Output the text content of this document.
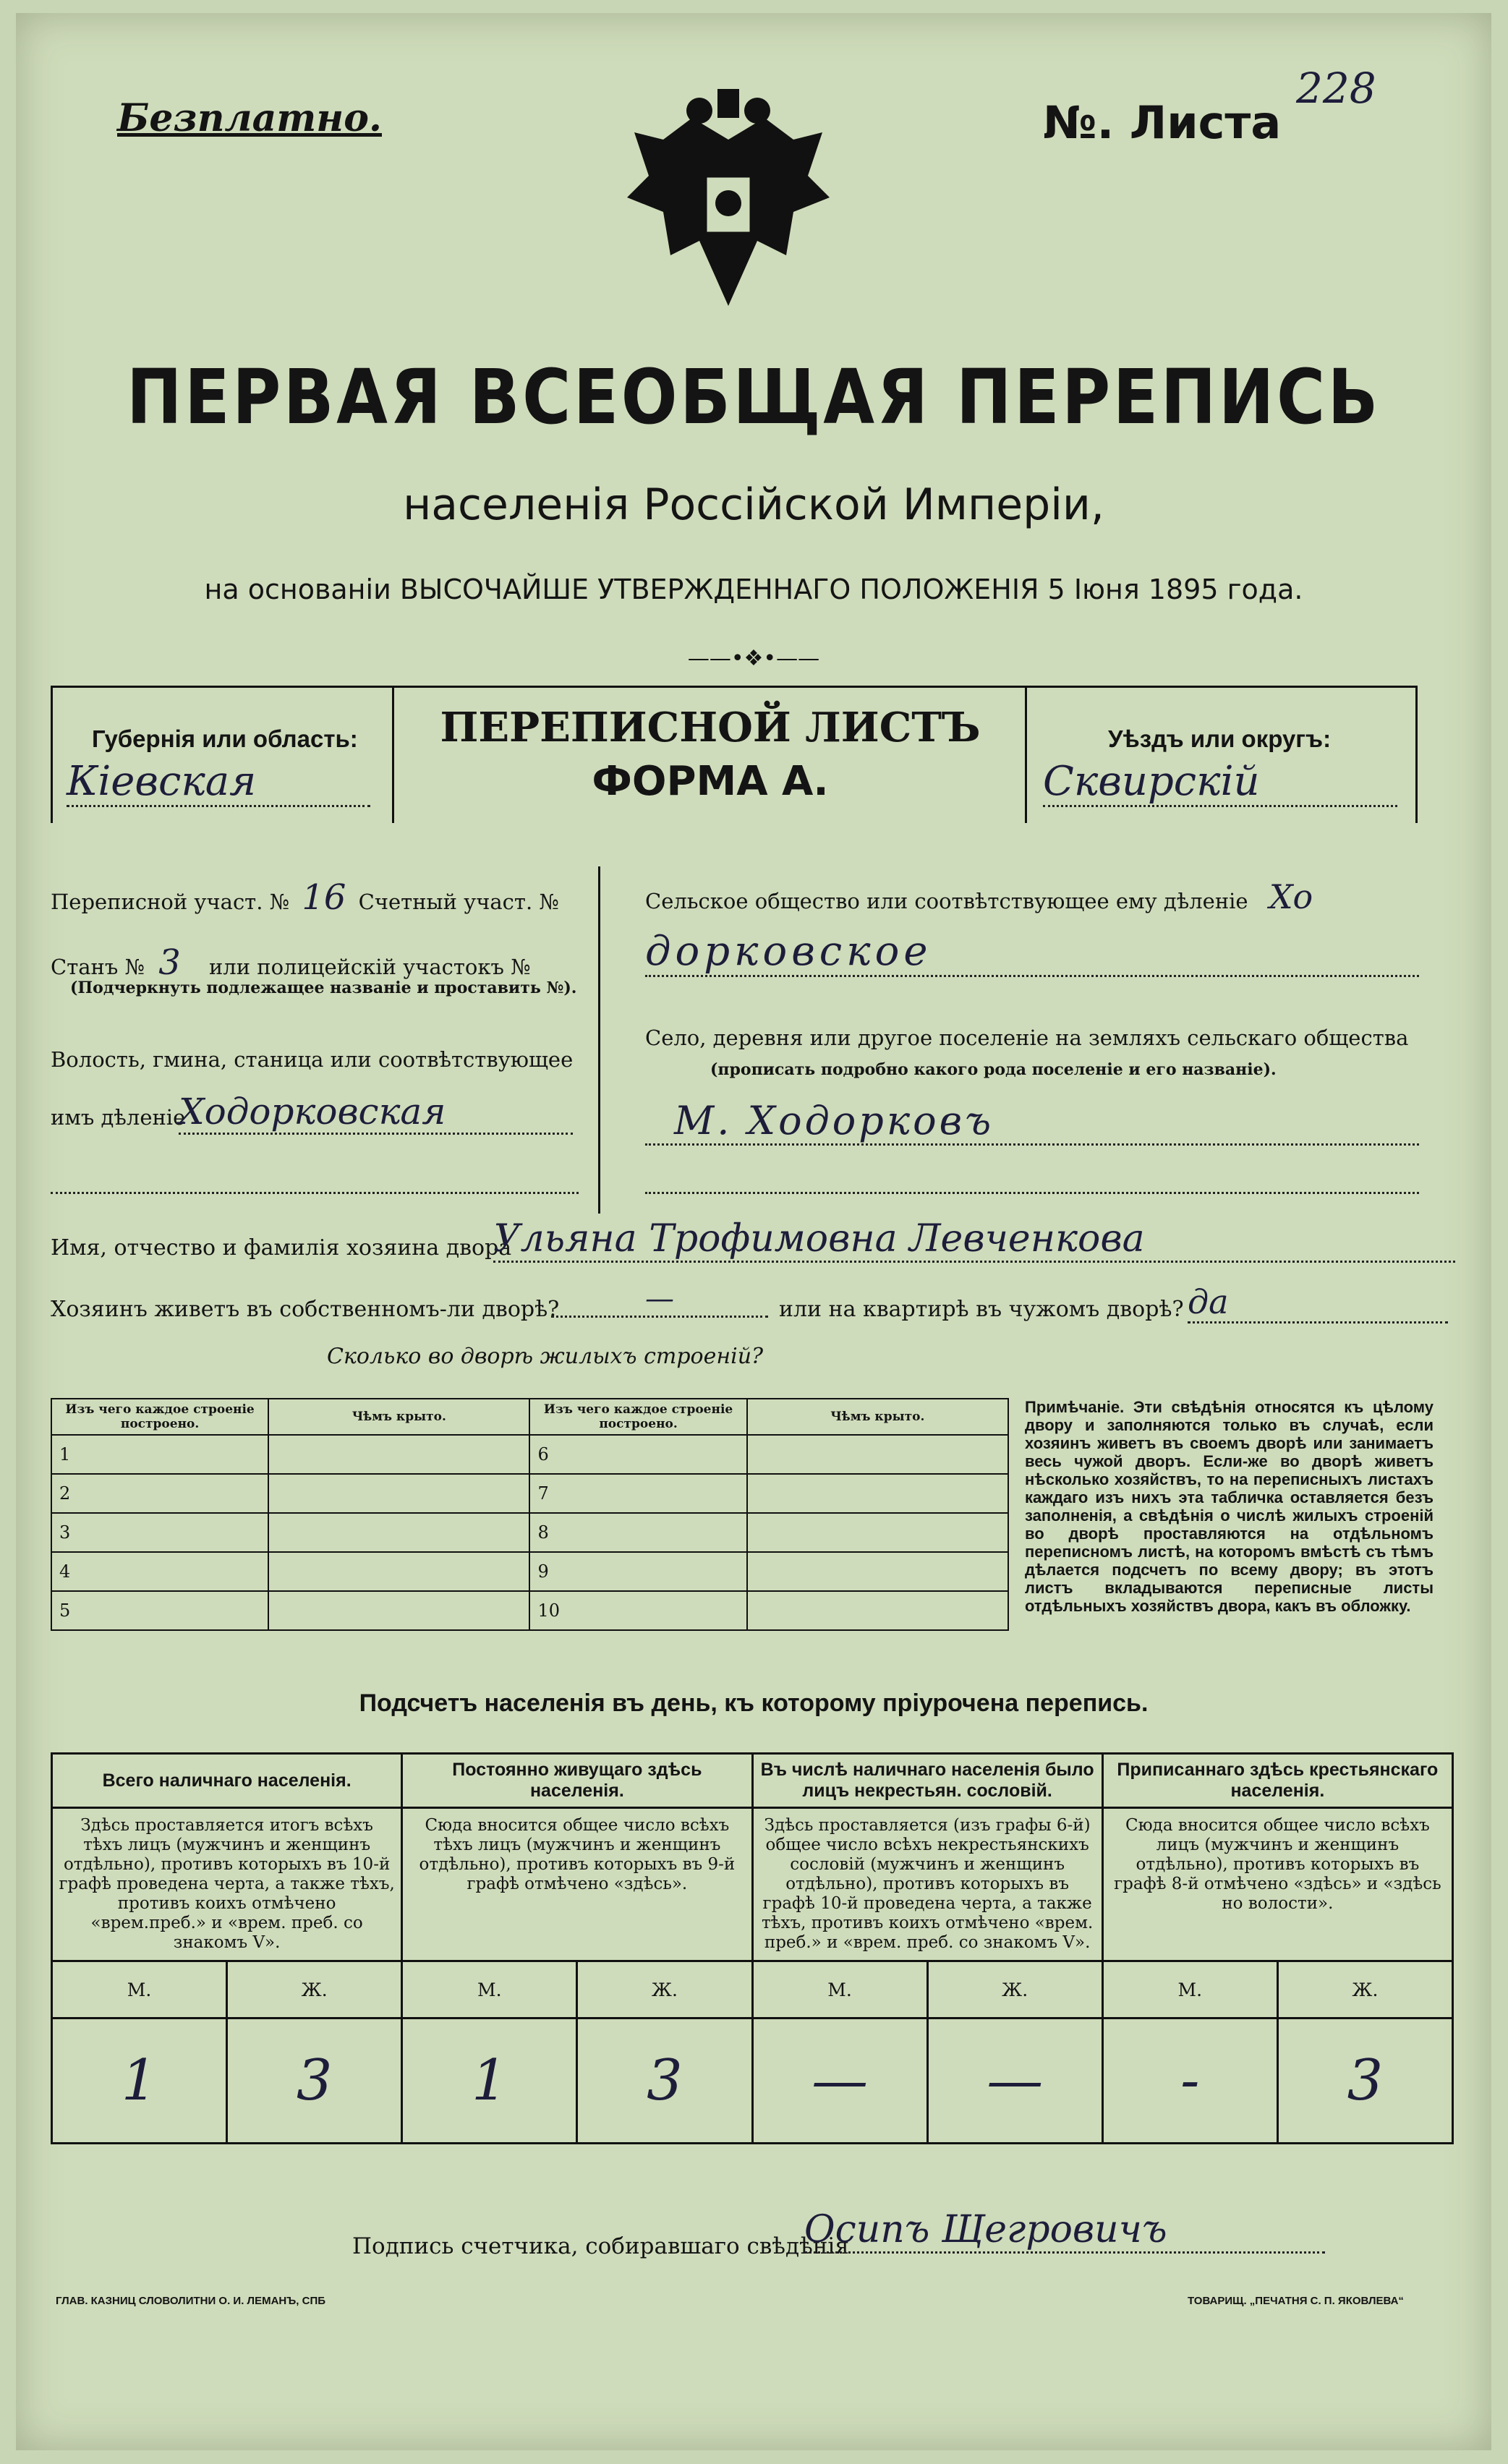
Безплатно.	№. Листа
228
ПЕРВАЯ ВСЕОБЩАЯ ПЕРЕПИСЬ
населенія Россійской Имперіи,
на основаніи ВЫСОЧАЙШЕ УТВЕРЖДЕННАГО ПОЛОЖЕНІЯ 5 Іюня 1895 года.
——•❖•——
Губернія или область:
Кіевская
ПЕРЕПИСНОЙ ЛИСТЪ
ФОРМА А.
Уѣздъ или округъ:
Сквирскій
Переписной участ. № 16 Счетный участ. №
Станъ № 3 или полицейскій участокъ №
(Подчеркнуть подлежащее названіе и проставить №).
Волость, гмина, станица или соотвѣтствующее
имъ дѣленіе
Ходорковская
Сельское общество или соотвѣтствующее ему дѣленіе Хо
дорковское
Село, деревня или другое поселеніе на земляхъ сельскаго общества
(прописать подробно какого рода поселеніе и его названіе).
М. Ходорковъ
Имя, отчество и фамилія хозяина двора
Ульяна Трофимовна Левченкова
Хозяинъ живетъ въ собственномъ-ли дворѣ?	—	или на квартирѣ въ чужомъ дворѣ? да
Сколько во дворѣ жилыхъ строеній?
Изъ чего каждое строеніе построено.	Чѣмъ крыто.	Изъ чего каждое строеніе построено.	Чѣмъ крыто.
1		6	
2		7	
3		8	
4		9	
5		10	
Примѣчаніе. Эти свѣдѣнія относятся къ цѣлому двору и заполняются только въ случаѣ, если хозяинъ живетъ въ своемъ дворѣ или занимаетъ весь чужой дворъ. Если-же во дворѣ живетъ нѣсколько хозяйствъ, то на переписныхъ листахъ каждаго изъ нихъ эта табличка оставляется безъ заполненія, а свѣдѣнія о числѣ жилыхъ строеній во дворѣ проставляются на отдѣльномъ переписномъ листѣ, на которомъ вмѣстѣ съ тѣмъ дѣлается подсчетъ по всему двору; въ этотъ листъ вкладываются переписные листы отдѣльныхъ хозяйствъ двора, какъ въ обложку.
Подсчетъ населенія въ день, къ которому пріурочена перепись.
Всего наличнаго населенія.		Постоянно живущаго здѣсь населенія.		Въ числѣ наличнаго населенія было лицъ некрестьян. сословій.		Приписаннаго здѣсь крестьянскаго населенія.	
Здѣсь проставляется итогъ всѣхъ тѣхъ лицъ (мужчинъ и женщинъ отдѣльно), противъ которыхъ въ 10-й графѣ проведена черта, а также тѣхъ, противъ коихъ отмѣчено «врем.преб.» и «врем. преб. со знакомъ V».		Сюда вносится общее число всѣхъ тѣхъ лицъ (мужчинъ и женщинъ отдѣльно), противъ которыхъ въ 9-й графѣ отмѣчено «здѣсь».		Здѣсь проставляется (изъ графы 6-й) общее число всѣхъ некрестьянскихъ сословій (мужчинъ и женщинъ отдѣльно), противъ которыхъ въ графѣ 10-й проведена черта, а также тѣхъ, противъ коихъ отмѣчено «врем. преб.» и «врем. преб. со знакомъ V».		Сюда вносится общее число всѣхъ лицъ (мужчинъ и женщинъ отдѣльно), противъ которыхъ въ графѣ 8-й отмѣчено «здѣсь» и «здѣсь но волости».	
М.	Ж.	М.	Ж.	М.	Ж.	М.	Ж.
1	3	1	3	—	—	-	3
Подпись счетчика, собиравшаго свѣдѣнія
Осипъ Щегровичъ
ГЛАВ. КАЗНИЦ СЛОВОЛИТНИ О. И. ЛЕМАНЪ, СПБ	ТОВАРИЩ. „ПЕЧАТНЯ С. П. ЯКОВЛЕВА“
